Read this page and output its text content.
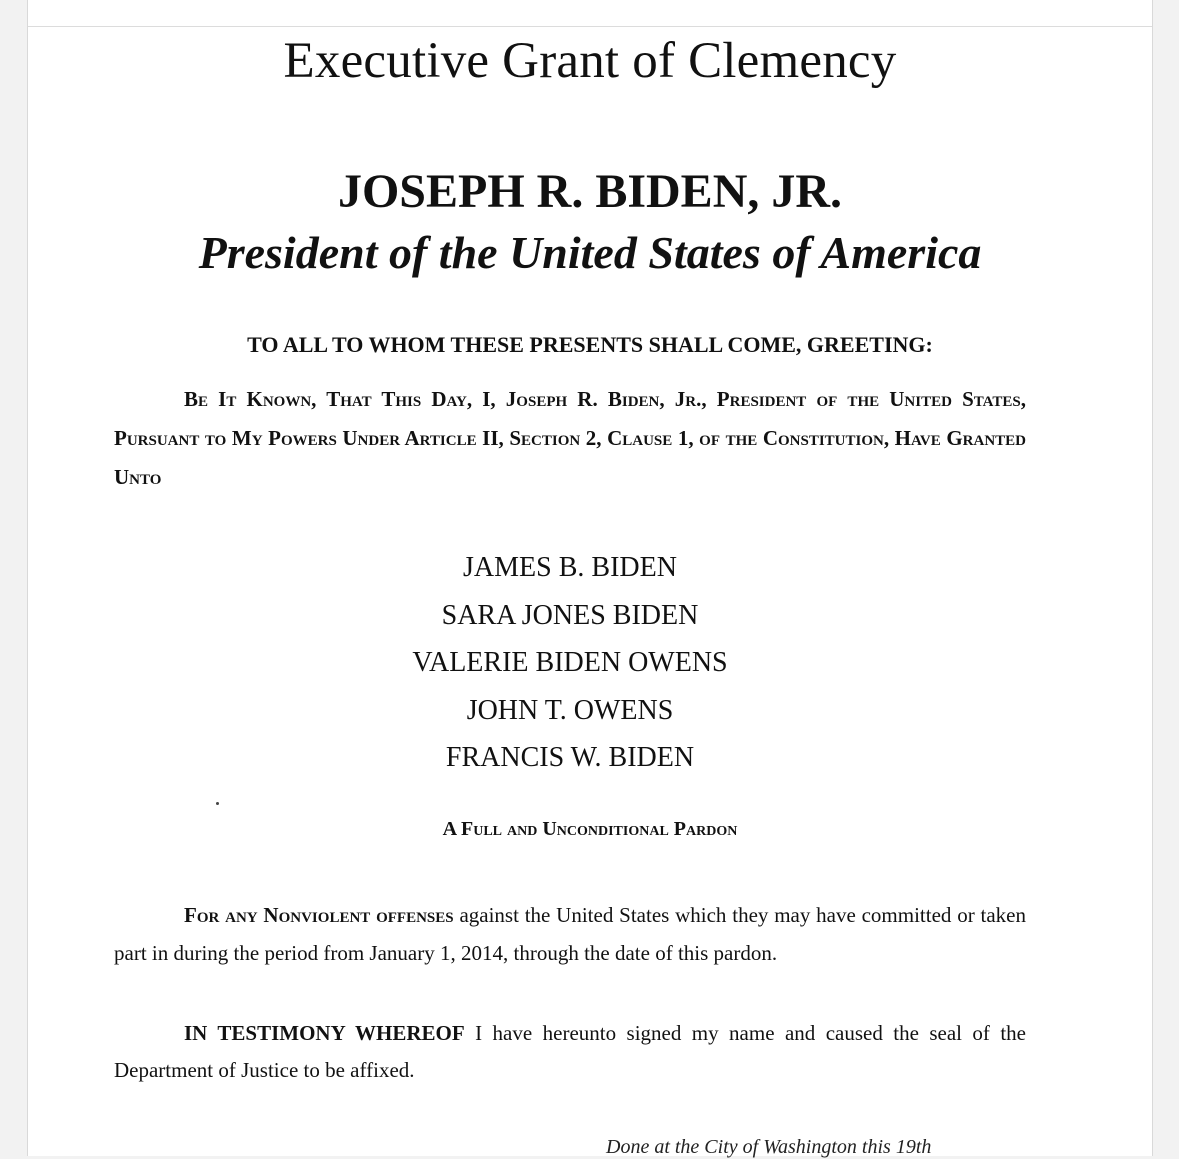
Executive Grant of Clemency
JOSEPH R. BIDEN, JR.
President of the United States of America
TO ALL TO WHOM THESE PRESENTS SHALL COME, GREETING:
Be It Known, That This Day, I, Joseph R. Biden, Jr., President of the United States, Pursuant to My Powers Under Article II, Section 2, Clause 1, of the Constitution, Have Granted Unto
JAMES B. BIDEN
SARA JONES BIDEN
VALERIE BIDEN OWENS
JOHN T. OWENS
FRANCIS W. BIDEN
A Full and Unconditional Pardon
For any Nonviolent offenses against the United States which they may have committed or taken part in during the period from January 1, 2014, through the date of this pardon.
IN TESTIMONY WHEREOF I have hereunto signed my name and caused the seal of the Department of Justice to be affixed.
Done at the City of Washington this 19th
